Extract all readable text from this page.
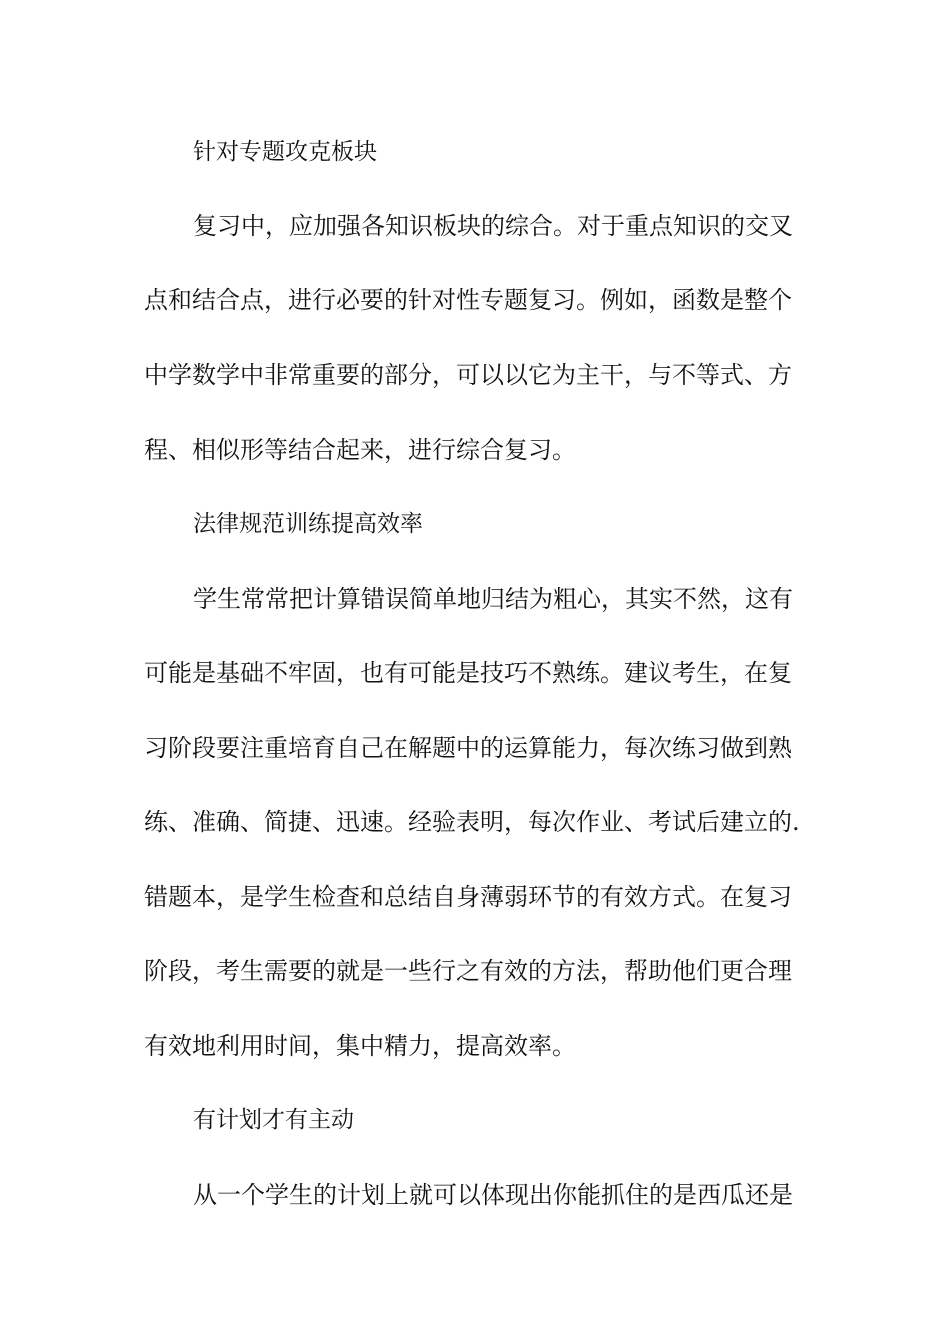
针对专题攻克板块
复习中，应加强各知识板块的综合。对于重点知识的交叉
点和结合点，进行必要的针对性专题复习。例如，函数是整个
中学数学中非常重要的部分，可以以它为主干，与不等式、方
程、相似形等结合起来，进行综合复习。
法律规范训练提高效率
学生常常把计算错误简单地归结为粗心，其实不然，这有
可能是基础不牢固，也有可能是技巧不熟练。建议考生，在复
习阶段要注重培育自己在解题中的运算能力，每次练习做到熟
练、准确、简捷、迅速。经验表明，每次作业、考试后建立的.
错题本，是学生检查和总结自身薄弱环节的有效方式。在复习
阶段，考生需要的就是一些行之有效的方法，帮助他们更合理
有效地利用时间，集中精力，提高效率。
有计划才有主动
从一个学生的计划上就可以体现出你能抓住的是西瓜还是
